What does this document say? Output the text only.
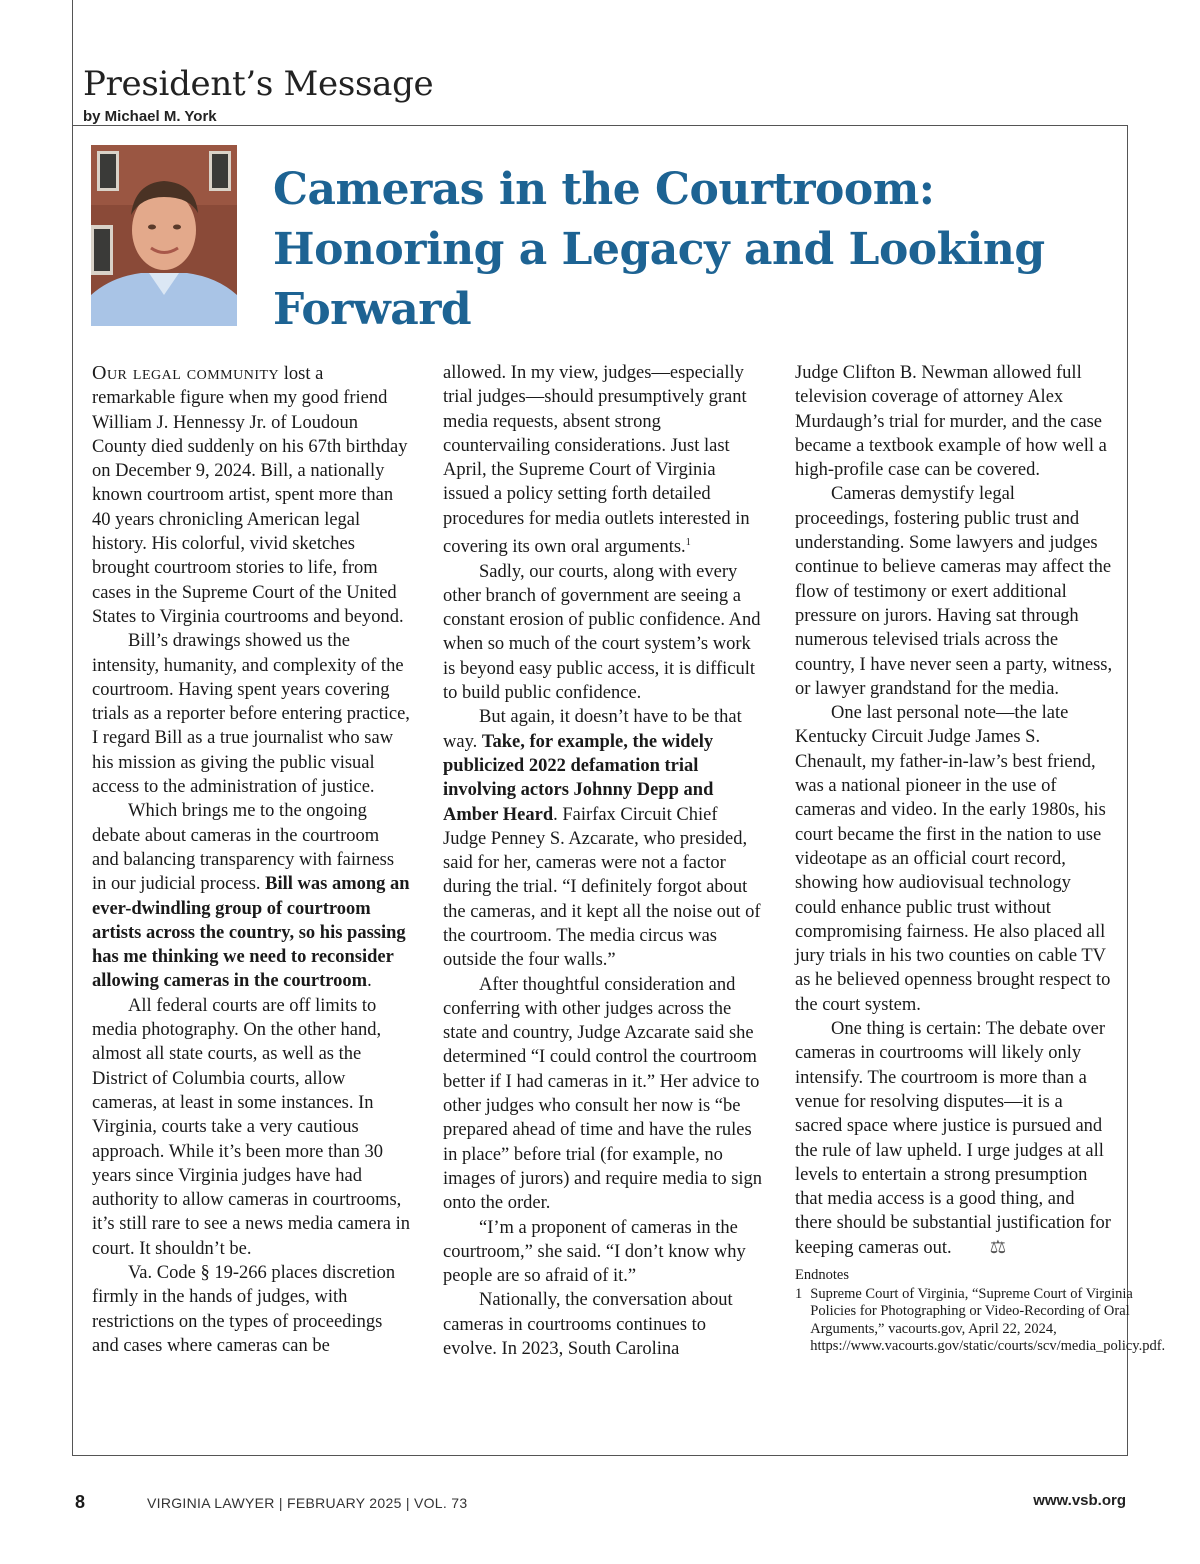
President’s Message
by Michael M. York
Cameras in the Courtroom: Honoring a Legacy and Looking Forward

Our legal community lost a remarkable figure when my good friend William J. Hennessy Jr. of Loudoun County died suddenly on his 67th birthday on December 9, 2024. Bill, a nationally known courtroom artist, spent more than 40 years chronicling American legal history. His colorful, vivid sketches brought courtroom stories to life, from cases in the Supreme Court of the United States to Virginia courtrooms and beyond.

Bill’s drawings showed us the intensity, humanity, and complexity of the courtroom. Having spent years covering trials as a reporter before entering practice, I regard Bill as a true journalist who saw his mission as giving the public visual access to the administration of justice.

Which brings me to the ongoing debate about cameras in the courtroom and balancing transparency with fairness in our judicial process. Bill was among an ever-dwindling group of courtroom artists across the country, so his passing has me thinking we need to reconsider allowing cameras in the courtroom.

All federal courts are off limits to media photography. On the other hand, almost all state courts, as well as the District of Columbia courts, allow cameras, at least in some instances. In Virginia, courts take a very cautious approach. While it’s been more than 30 years since Virginia judges have had authority to allow cameras in courtrooms, it’s still rare to see a news media camera in court. It shouldn’t be.

Va. Code § 19-266 places discretion firmly in the hands of judges, with restrictions on the types of proceedings and cases where cameras can be

allowed. In my view, judges—especially trial judges—should presumptively grant media requests, absent strong countervailing considerations. Just last April, the Supreme Court of Virginia issued a policy setting forth detailed procedures for media outlets interested in covering its own oral arguments.$^1$

Sadly, our courts, along with every other branch of government are seeing a constant erosion of public confidence. And when so much of the court system’s work is beyond easy public access, it is difficult to build public confidence.

But again, it doesn’t have to be that way. Take, for example, the widely publicized 2022 defamation trial involving actors Johnny Depp and Amber Heard. Fairfax Circuit Chief Judge Penney S. Azcarate, who presided, said for her, cameras were not a factor during the trial. “I definitely forgot about the cameras, and it kept all the noise out of the courtroom. The media circus was outside the four walls.”

After thoughtful consideration and conferring with other judges across the state and country, Judge Azcarate said she determined “I could control the courtroom better if I had cameras in it.” Her advice to other judges who consult her now is “be prepared ahead of time and have the rules in place” before trial (for example, no images of jurors) and require media to sign onto the order.

“I’m a proponent of cameras in the courtroom,” she said. “I don’t know why people are so afraid of it.”

Nationally, the conversation about cameras in courtrooms continues to evolve. In 2023, South Carolina

Judge Clifton B. Newman allowed full television coverage of attorney Alex Murdaugh’s trial for murder, and the case became a textbook example of how well a high-profile case can be covered.

Cameras demystify legal proceedings, fostering public trust and understanding. Some lawyers and judges continue to believe cameras may affect the flow of testimony or exert additional pressure on jurors. Having sat through numerous televised trials across the country, I have never seen a party, witness, or lawyer grandstand for the media.

One last personal note—the late Kentucky Circuit Judge James S. Chenault, my father-in-law’s best friend, was a national pioneer in the use of cameras and video. In the early 1980s, his court became the first in the nation to use videotape as an official court record, showing how audiovisual technology could enhance public trust without compromising fairness. He also placed all jury trials in his two counties on cable TV as he believed openness brought respect to the court system.

One thing is certain: The debate over cameras in courtrooms will likely only intensify. The courtroom is more than a venue for resolving disputes—it is a sacred space where justice is pursued and the rule of law upheld. I urge judges at all levels to entertain a strong presumption that media access is a good thing, and there should be substantial justification for keeping cameras out. ⚖

Endnotes
1 Supreme Court of Virginia, “Supreme Court of Virginia Policies for Photographing or Video-Recording of Oral Arguments,” vacourts.gov, April 22, 2024, https://www.vacourts.gov/static/courts/scv/media_policy.pdf.
8	VIRGINIA LAWYER | FEBRUARY 2025 | VOL. 73	www.vsb.org
